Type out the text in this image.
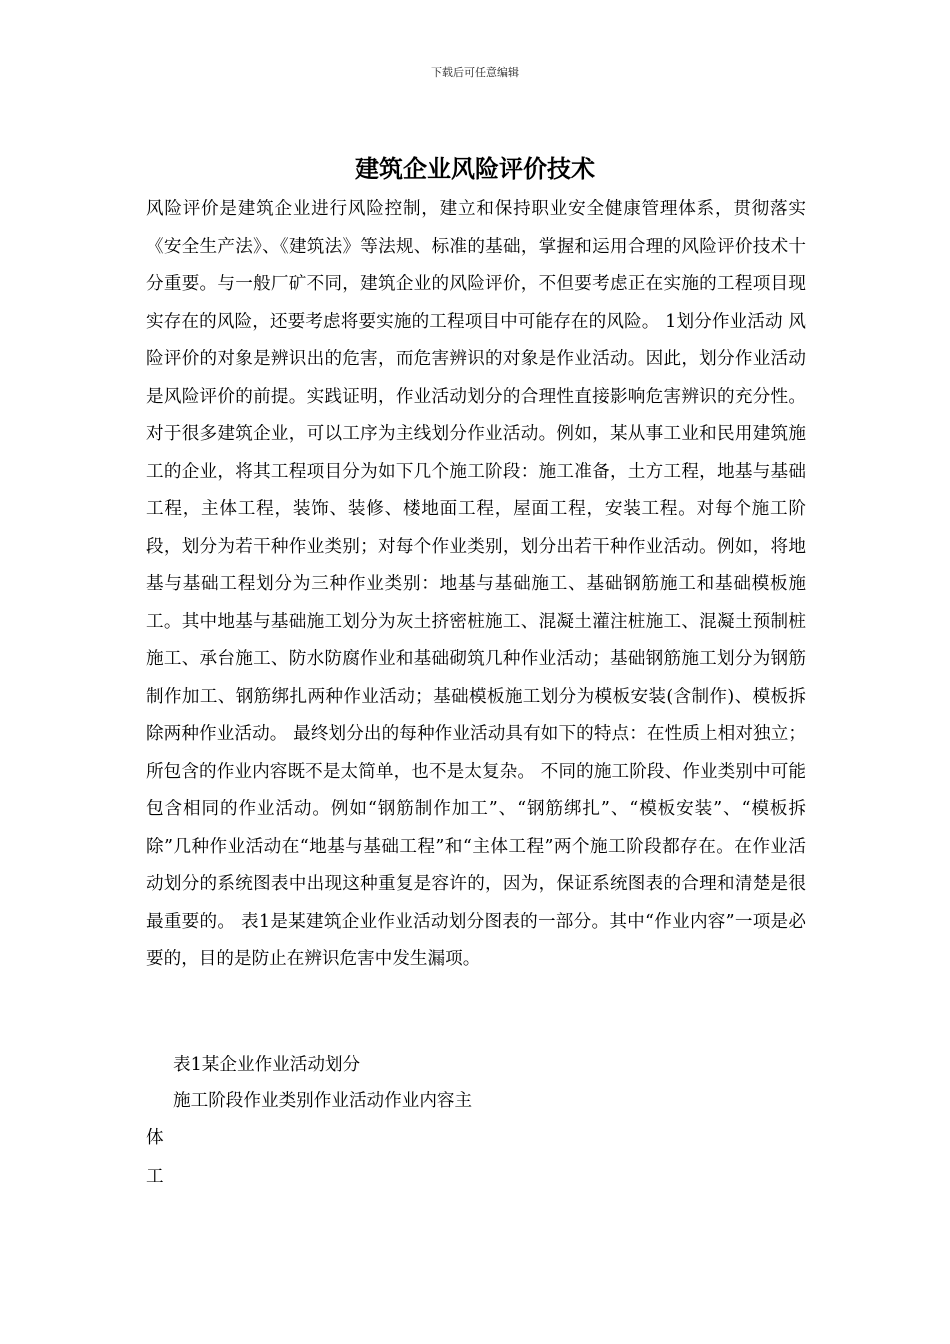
下载后可任意编辑
建筑企业风险评价技术

风险评价是建筑企业进行风险控制，建立和保持职业安全健康管理体系，贯彻落实《安全生产法》、《建筑法》等法规、标准的基础，掌握和运用合理的风险评价技术十分重要。与一般厂矿不同，建筑企业的风险评价，不但要考虑正在实施的工程项目现实存在的风险，还要考虑将要实施的工程项目中可能存在的风险。 1划分作业活动 风险评价的对象是辨识出的危害，而危害辨识的对象是作业活动。因此，划分作业活动是风险评价的前提。实践证明，作业活动划分的合理性直接影响危害辨识的充分性。 对于很多建筑企业，可以工序为主线划分作业活动。例如，某从事工业和民用建筑施工的企业，将其工程项目分为如下几个施工阶段：施工准备，土方工程，地基与基础工程，主体工程，装饰、装修、楼地面工程，屋面工程，安装工程。对每个施工阶段，划分为若干种作业类别；对每个作业类别，划分出若干种作业活动。例如，将地基与基础工程划分为三种作业类别：地基与基础施工、基础钢筋施工和基础模板施工。其中地基与基础施工划分为灰土挤密桩施工、混凝土灌注桩施工、混凝土预制桩施工、承台施工、防水防腐作业和基础砌筑几种作业活动；基础钢筋施工划分为钢筋制作加工、钢筋绑扎两种作业活动；基础模板施工划分为模板安装(含制作)、模板拆除两种作业活动。 最终划分出的每种作业活动具有如下的特点：在性质上相对独立；所包含的作业内容既不是太简单，也不是太复杂。 不同的施工阶段、作业类别中可能包含相同的作业活动。例如“钢筋制作加工”、“钢筋绑扎”、“模板安装”、“模板拆除”几种作业活动在“地基与基础工程”和“主体工程”两个施工阶段都存在。在作业活动划分的系统图表中出现这种重复是容许的，因为，保证系统图表的合理和清楚是很最重要的。 表1是某建筑企业作业活动划分图表的一部分。其中“作业内容”一项是必要的，目的是防止在辨识危害中发生漏项。

表1某企业作业活动划分

施工阶段作业类别作业活动作业内容主

体

工
